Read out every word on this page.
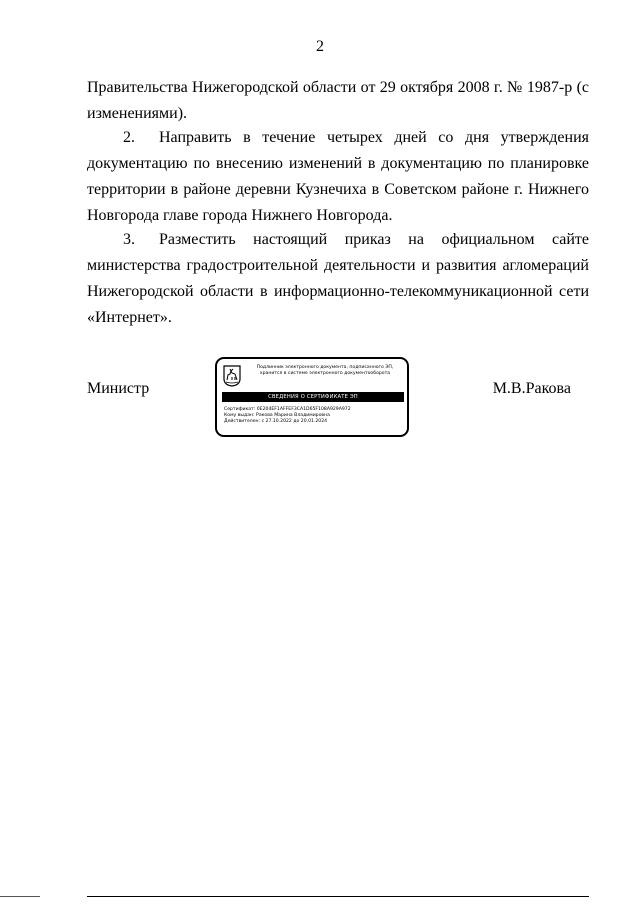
2

Правительства Нижегородской области от 29 октября 2008 г. № 1987-р (с изменениями).

2. Направить в течение четырех дней со дня утверждения документацию по внесению изменений в документацию по планировке территории в районе деревни Кузнечиха в Советском районе г. Нижнего Новгорода главе города Нижнего Новгорода.

3. Разместить настоящий приказ на официальном сайте министерства градостроительной деятельности и развития агломераций Нижегородской области в информационно-телекоммуникационной сети «Интернет».

Министр	М.В.Ракова
Подлинник электронного документа, подписанного ЭП,
хранится в системе электронного документооборота
СВЕДЕНИЯ О СЕРТИФИКАТЕ ЭП
Сертификат: 0E204EF1AFFEF3CA1D65F108A929A972
Кому выдан: Ракова Марина Владимировна
Действителен: с 27.10.2022 до 20.01.2024
